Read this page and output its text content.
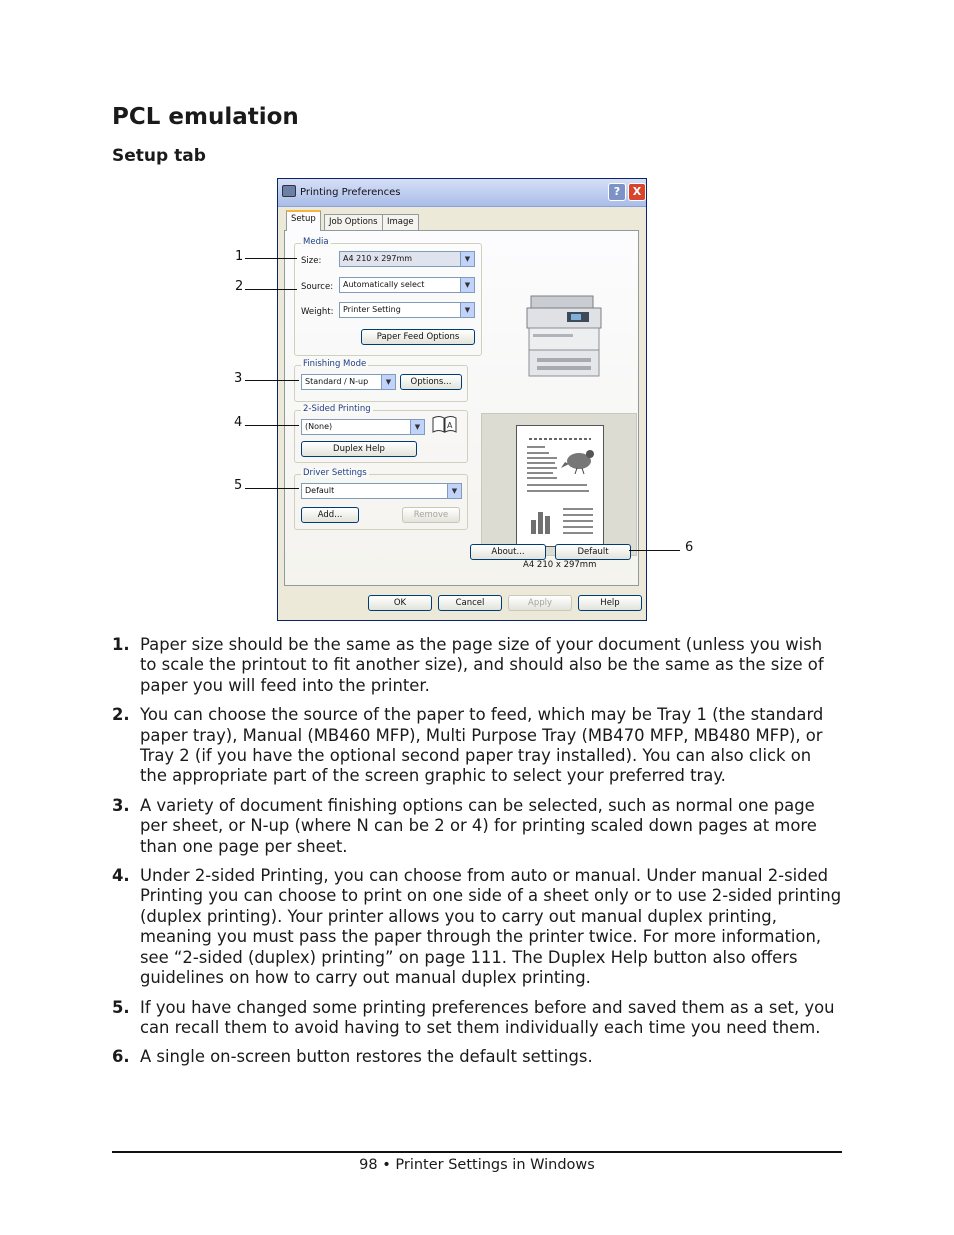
PCL emulation
Setup tab
Printing Preferences	?	X
Setup	Job Options	Image
Media
Size:	A4 210 x 297mm	▼
Source:	Automatically select	▼
Weight:	Printer Setting	▼
Paper Feed Options
Finishing Mode
Standard / N-up	▼	Options...
2-Sided Printing
(None)	▼	A
Duplex Help
Driver Settings
Default	▼
Add...	Remove
A4 210 x 297mm
About...	Default
OK	Cancel	Apply	Help
1
2
3
4
5
6
1. Paper size should be the same as the page size of your document (unless you wish to scale the printout to fit another size), and should also be the same as the size of paper you will feed into the printer.
2. You can choose the source of the paper to feed, which may be Tray 1 (the standard paper tray), Manual (MB460 MFP), Multi Purpose Tray (MB470 MFP, MB480 MFP), or Tray 2 (if you have the optional second paper tray installed). You can also click on the appropriate part of the screen graphic to select your preferred tray.
3. A variety of document finishing options can be selected, such as normal one page per sheet, or N-up (where N can be 2 or 4) for printing scaled down pages at more than one page per sheet.
4. Under 2-sided Printing, you can choose from auto or manual. Under manual 2-sided Printing you can choose to print on one side of a sheet only or to use 2-sided printing (duplex printing). Your printer allows you to carry out manual duplex printing, meaning you must pass the paper through the printer twice. For more information, see “2-sided (duplex) printing” on page 111. The Duplex Help button also offers guidelines on how to carry out manual duplex printing.
5. If you have changed some printing preferences before and saved them as a set, you can recall them to avoid having to set them individually each time you need them.
6. A single on-screen button restores the default settings.
98 • Printer Settings in Windows
